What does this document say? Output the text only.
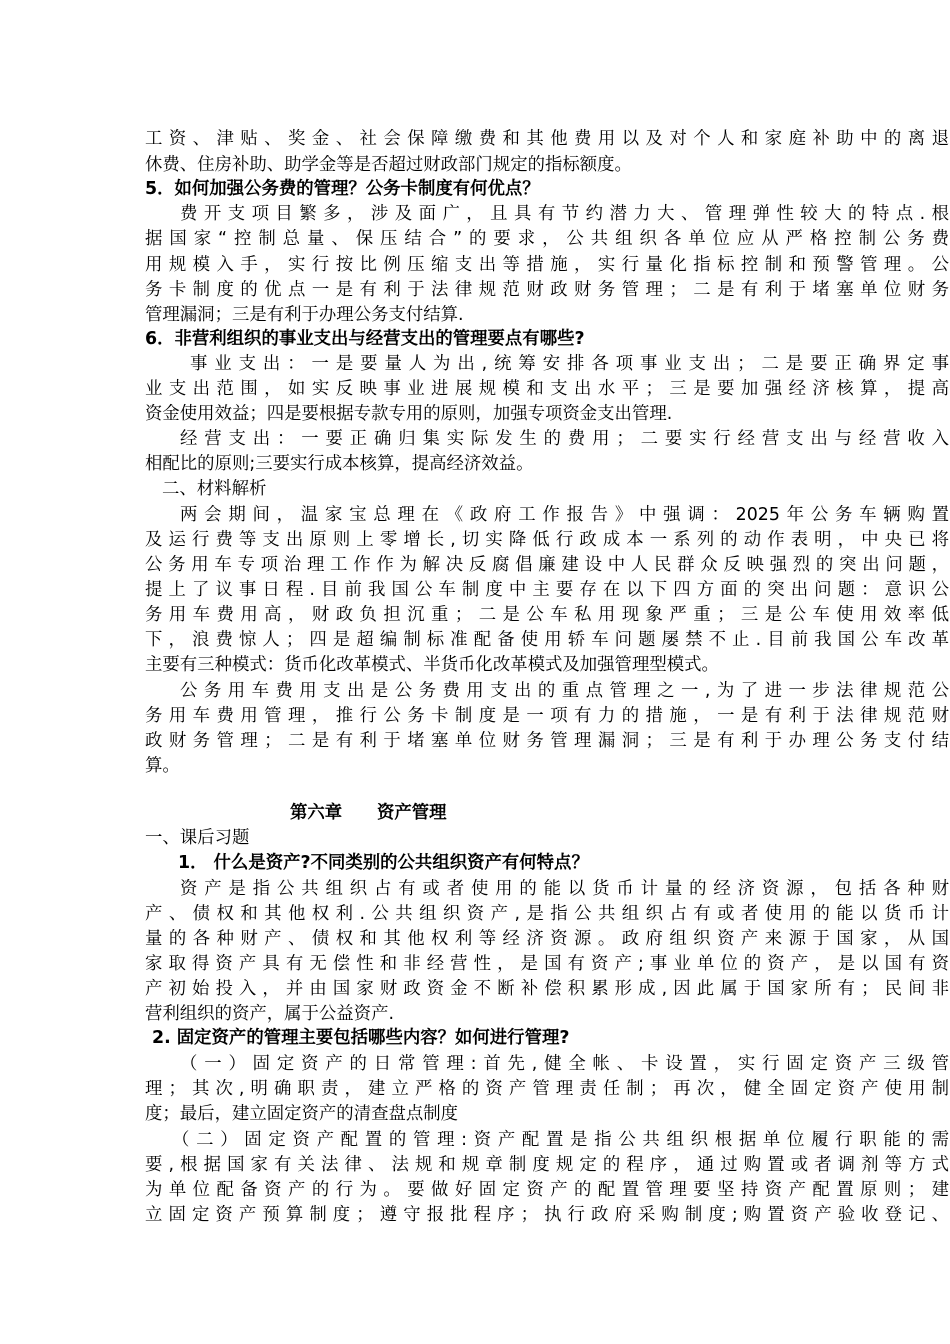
工资、津贴、奖金、社会保障缴费和其他费用以及对个人和家庭补助中的离退
休费、住房补助、助学金等是否超过财政部门规定的指标额度。
5．如何加强公务费的管理？公务卡制度有何优点？
费开支项目繁多，涉及面广，且具有节约潜力大、管理弹性较大的特点.根
据国家“控制总量、保压结合”的要求，公共组织各单位应从严格控制公务费
用规模入手，实行按比例压缩支出等措施，实行量化指标控制和预警管理。公
务卡制度的优点一是有利于法律规范财政财务管理；二是有利于堵塞单位财务
管理漏洞；三是有利于办理公务支付结算.
6．非营利组织的事业支出与经营支出的管理要点有哪些?
事业支出：一是要量人为出,统筹安排各项事业支出；二是要正确界定事
业支出范围，如实反映事业进展规模和支出水平；三是要加强经济核算，提高
资金使用效益；四是要根据专款专用的原则，加强专项资金支出管理.
经营支出：一要正确归集实际发生的费用；二要实行经营支出与经营收入
相配比的原则;三要实行成本核算，提高经济效益。
二、材料解析
两会期间，温家宝总理在《政府工作报告》中强调：2025年公务车辆购置
及运行费等支出原则上零增长,切实降低行政成本一系列的动作表明，中央已将
公务用车专项治理工作作为解决反腐倡廉建设中人民群众反映强烈的突出问题，
提上了议事日程.目前我国公车制度中主要存在以下四方面的突出问题：意识公
务用车费用高，财政负担沉重；二是公车私用现象严重；三是公车使用效率低
下，浪费惊人；四是超编制标准配备使用轿车问题屡禁不止.目前我国公车改革
主要有三种模式：货币化改革模式、半货币化改革模式及加强管理型模式。
公务用车费用支出是公务费用支出的重点管理之一,为了进一步法律规范公
务用车费用管理，推行公务卡制度是一项有力的措施，一是有利于法律规范财
政财务管理；二是有利于堵塞单位财务管理漏洞；三是有利于办理公务支付结
算。
第六章　　资产管理
一、课后习题
1． 什么是资产?不同类别的公共组织资产有何特点？
资产是指公共组织占有或者使用的能以货币计量的经济资源，包括各种财
产、债权和其他权利.公共组织资产,是指公共组织占有或者使用的能以货币计
量的各种财产、债权和其他权利等经济资源。政府组织资产来源于国家，从国
家取得资产具有无偿性和非经营性，是国有资产;事业单位的资产，是以国有资
产初始投入，并由国家财政资金不断补偿积累形成,因此属于国家所有；民间非
营利组织的资产，属于公益资产.
2. 固定资产的管理主要包括哪些内容？如何进行管理?
（一）固定资产的日常管理:首先,健全帐、卡设置，实行固定资产三级管
理；其次,明确职责，建立严格的资产管理责任制；再次，健全固定资产使用制
度；最后，建立固定资产的清查盘点制度
（二）固定资产配置的管理:资产配置是指公共组织根据单位履行职能的需
要,根据国家有关法律、法规和规章制度规定的程序，通过购置或者调剂等方式
为单位配备资产的行为。要做好固定资产的配置管理要坚持资产配置原则；建
立固定资产预算制度；遵守报批程序；执行政府采购制度;购置资产验收登记、
